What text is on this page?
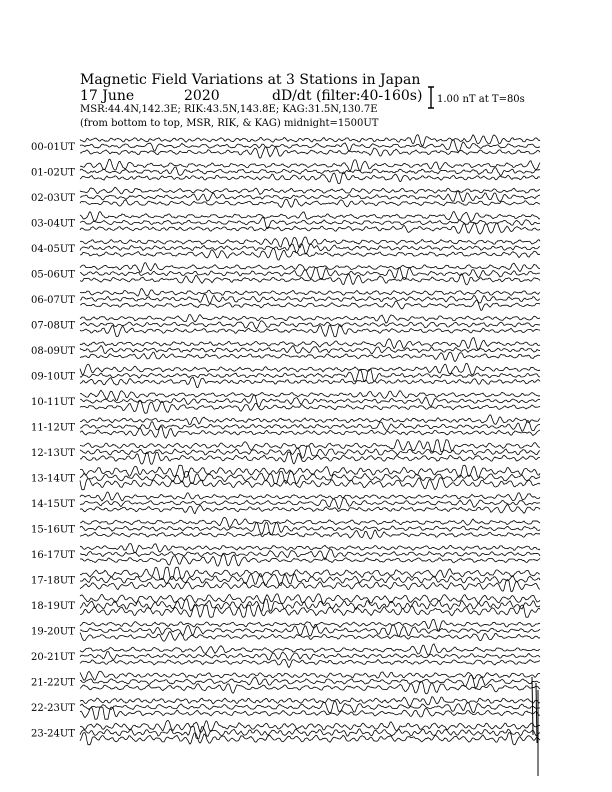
Magnetic Field Variations at 3 Stations in Japan
17 June	2020	dD/dt (filter:40-160s)
MSR:44.4N,142.3E; RIK:43.5N,143.8E; KAG:31.5N,130.7E
(from bottom to top, MSR, RIK, & KAG) midnight=1500UT
1.00 nT at T=80s
00-01UT
01-02UT
02-03UT
03-04UT
04-05UT
05-06UT
06-07UT
07-08UT
08-09UT
09-10UT
10-11UT
11-12UT
12-13UT
13-14UT
14-15UT
15-16UT
16-17UT
17-18UT
18-19UT
19-20UT
20-21UT
21-22UT
22-23UT
23-24UT
